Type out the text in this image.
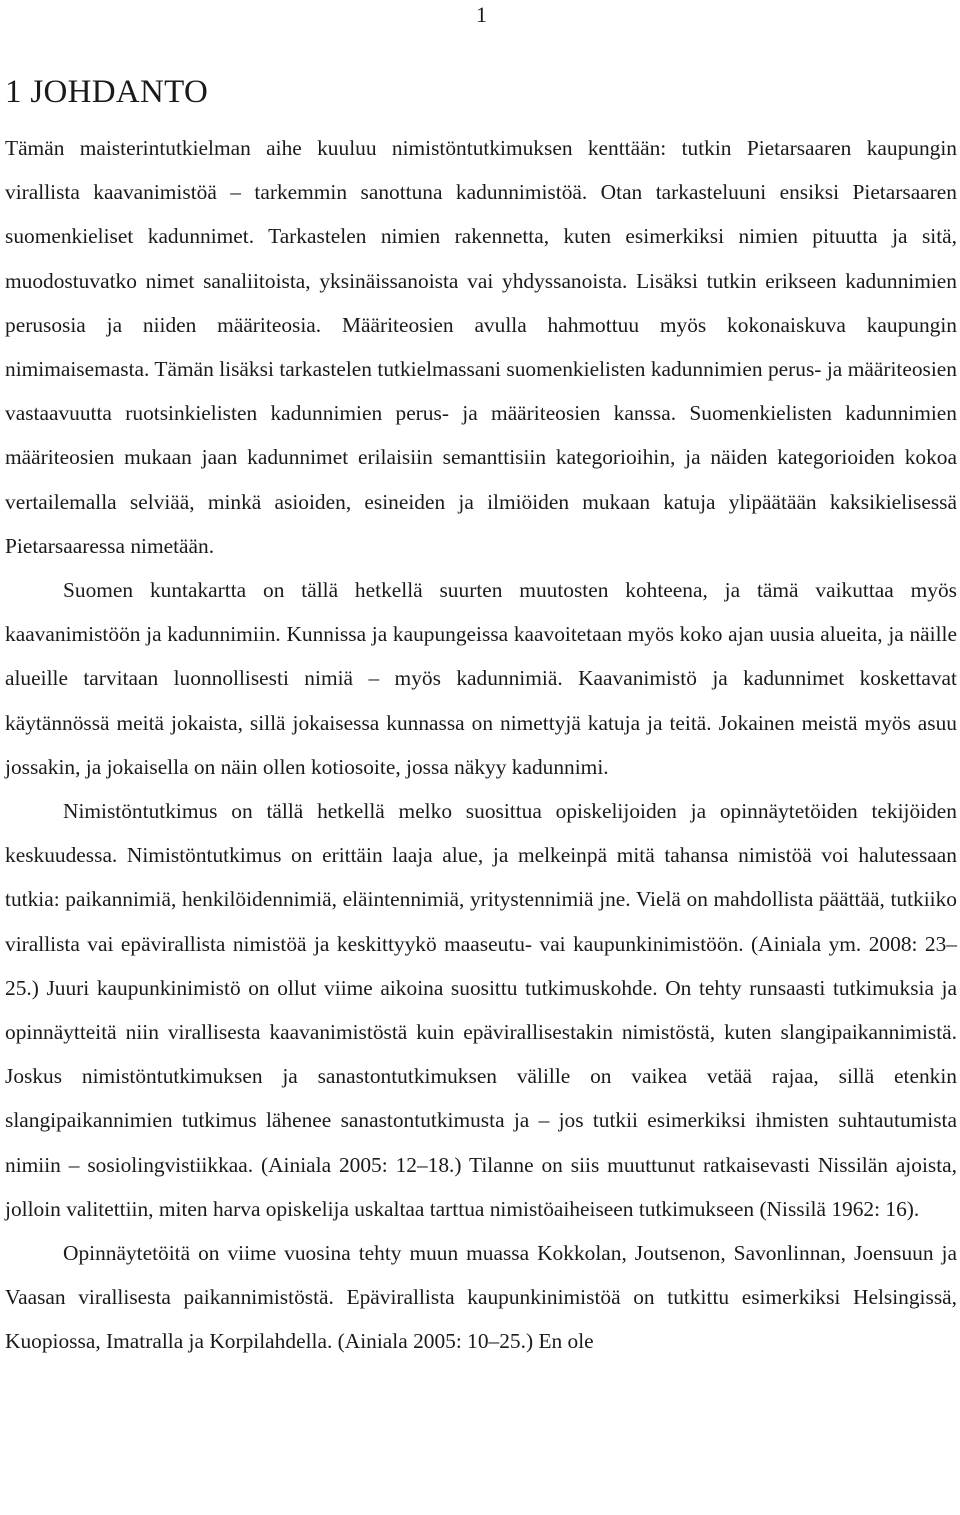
1
1 JOHDANTO

Tämän maisterintutkielman aihe kuuluu nimistöntutkimuksen kenttään: tutkin Pietarsaaren kaupungin virallista kaavanimistöä – tarkemmin sanottuna kadunnimistöä. Otan tarkasteluuni ensiksi Pietarsaaren suomenkieliset kadunnimet. Tarkastelen nimien rakennetta, kuten esimerkiksi nimien pituutta ja sitä, muodostuvatko nimet sanaliitoista, yksinäissanoista vai yhdyssanoista. Lisäksi tutkin erikseen kadunnimien perusosia ja niiden määriteosia. Määriteosien avulla hahmottuu myös kokonaiskuva kaupungin nimimaisemasta. Tämän lisäksi tarkastelen tutkielmassani suomenkielisten kadunnimien perus- ja määriteosien vastaavuutta ruotsinkielisten kadunnimien perus- ja määriteosien kanssa. Suomenkielisten kadunnimien määriteosien mukaan jaan kadunnimet erilaisiin semanttisiin kategorioihin, ja näiden kategorioiden kokoa vertailemalla selviää, minkä asioiden, esineiden ja ilmiöiden mukaan katuja ylipäätään kaksikielisessä Pietarsaaressa nimetään.

Suomen kuntakartta on tällä hetkellä suurten muutosten kohteena, ja tämä vaikuttaa myös kaavanimistöön ja kadunnimiin. Kunnissa ja kaupungeissa kaavoitetaan myös koko ajan uusia alueita, ja näille alueille tarvitaan luonnollisesti nimiä – myös kadunnimiä. Kaavanimistö ja kadunnimet koskettavat käytännössä meitä jokaista, sillä jokaisessa kunnassa on nimettyjä katuja ja teitä. Jokainen meistä myös asuu jossakin, ja jokaisella on näin ollen kotiosoite, jossa näkyy kadunnimi.

Nimistöntutkimus on tällä hetkellä melko suosittua opiskelijoiden ja opinnäytetöiden tekijöiden keskuudessa. Nimistöntutkimus on erittäin laaja alue, ja melkeinpä mitä tahansa nimistöä voi halutessaan tutkia: paikannimiä, henkilöidennimiä, eläintennimiä, yritystennimiä jne. Vielä on mahdollista päättää, tutkiiko virallista vai epävirallista nimistöä ja keskittyykö maaseutu- vai kaupunkinimistöön. (Ainiala ym. 2008: 23–25.) Juuri kaupunkinimistö on ollut viime aikoina suosittu tutkimuskohde. On tehty runsaasti tutkimuksia ja opinnäytteitä niin virallisesta kaavanimistöstä kuin epävirallisestakin nimistöstä, kuten slangipaikannimistä. Joskus nimistöntutkimuksen ja sanastontutkimuksen välille on vaikea vetää rajaa, sillä etenkin slangipaikannimien tutkimus lähenee sanastontutkimusta ja – jos tutkii esimerkiksi ihmisten suhtautumista nimiin – sosiolingvistiikkaa. (Ainiala 2005: 12–18.) Tilanne on siis muuttunut ratkaisevasti Nissilän ajoista, jolloin valitettiin, miten harva opiskelija uskaltaa tarttua nimistöaiheiseen tutkimukseen (Nissilä 1962: 16).

Opinnäytetöitä on viime vuosina tehty muun muassa Kokkolan, Joutsenon, Savonlinnan, Joensuun ja Vaasan virallisesta paikannimistöstä. Epävirallista kaupunkinimistöä on tutkittu esimerkiksi Helsingissä, Kuopiossa, Imatralla ja Korpilahdella. (Ainiala 2005: 10–25.) En ole
